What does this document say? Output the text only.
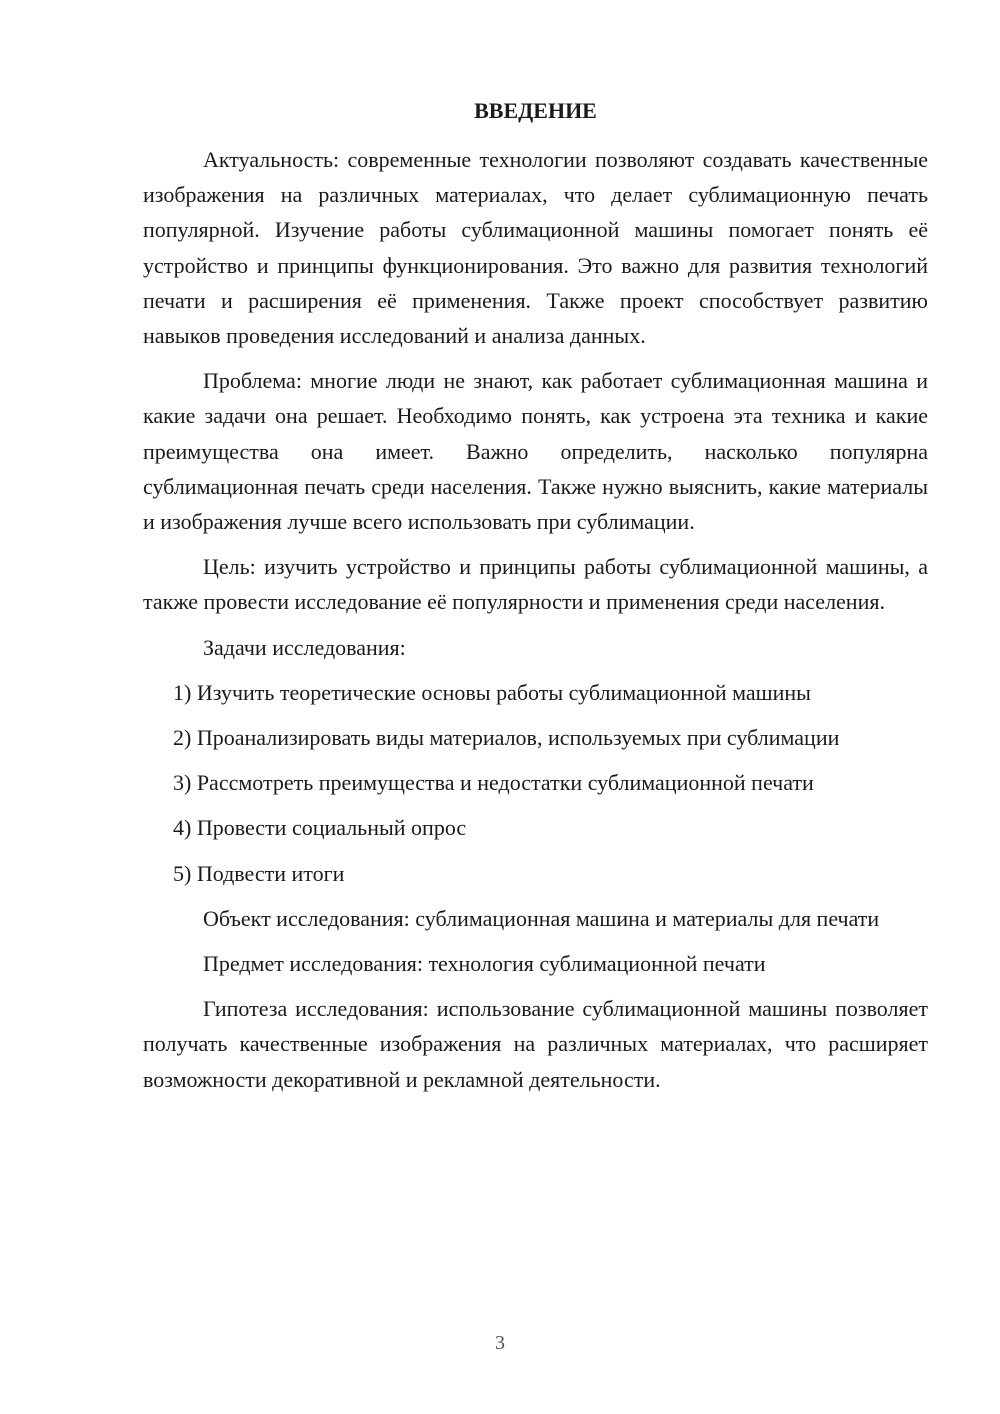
ВВЕДЕНИЕ

Актуальность: современные технологии позволяют создавать качественные изображения на различных материалах, что делает сублимационную печать популярной. Изучение работы сублимационной машины помогает понять её устройство и принципы функционирования. Это важно для развития технологий печати и расширения её применения. Также проект способствует развитию навыков проведения исследований и анализа данных.

Проблема: многие люди не знают, как работает сублимационная машина и какие задачи она решает. Необходимо понять, как устроена эта техника и какие преимущества она имеет. Важно определить, насколько популярна сублимационная печать среди населения. Также нужно выяснить, какие материалы и изображения лучше всего использовать при сублимации.

Цель: изучить устройство и принципы работы сублимационной машины, а также провести исследование её популярности и применения среди населения.

Задачи исследования:

1) Изучить теоретические основы работы сублимационной машины

2) Проанализировать виды материалов, используемых при сублимации

3) Рассмотреть преимущества и недостатки сублимационной печати

4) Провести социальный опрос

5) Подвести итоги

Объект исследования: сублимационная машина и материалы для печати

Предмет исследования: технология сублимационной печати

Гипотеза исследования: использование сублимационной машины позволяет получать качественные изображения на различных материалах, что расширяет возможности декоративной и рекламной деятельности.

3
